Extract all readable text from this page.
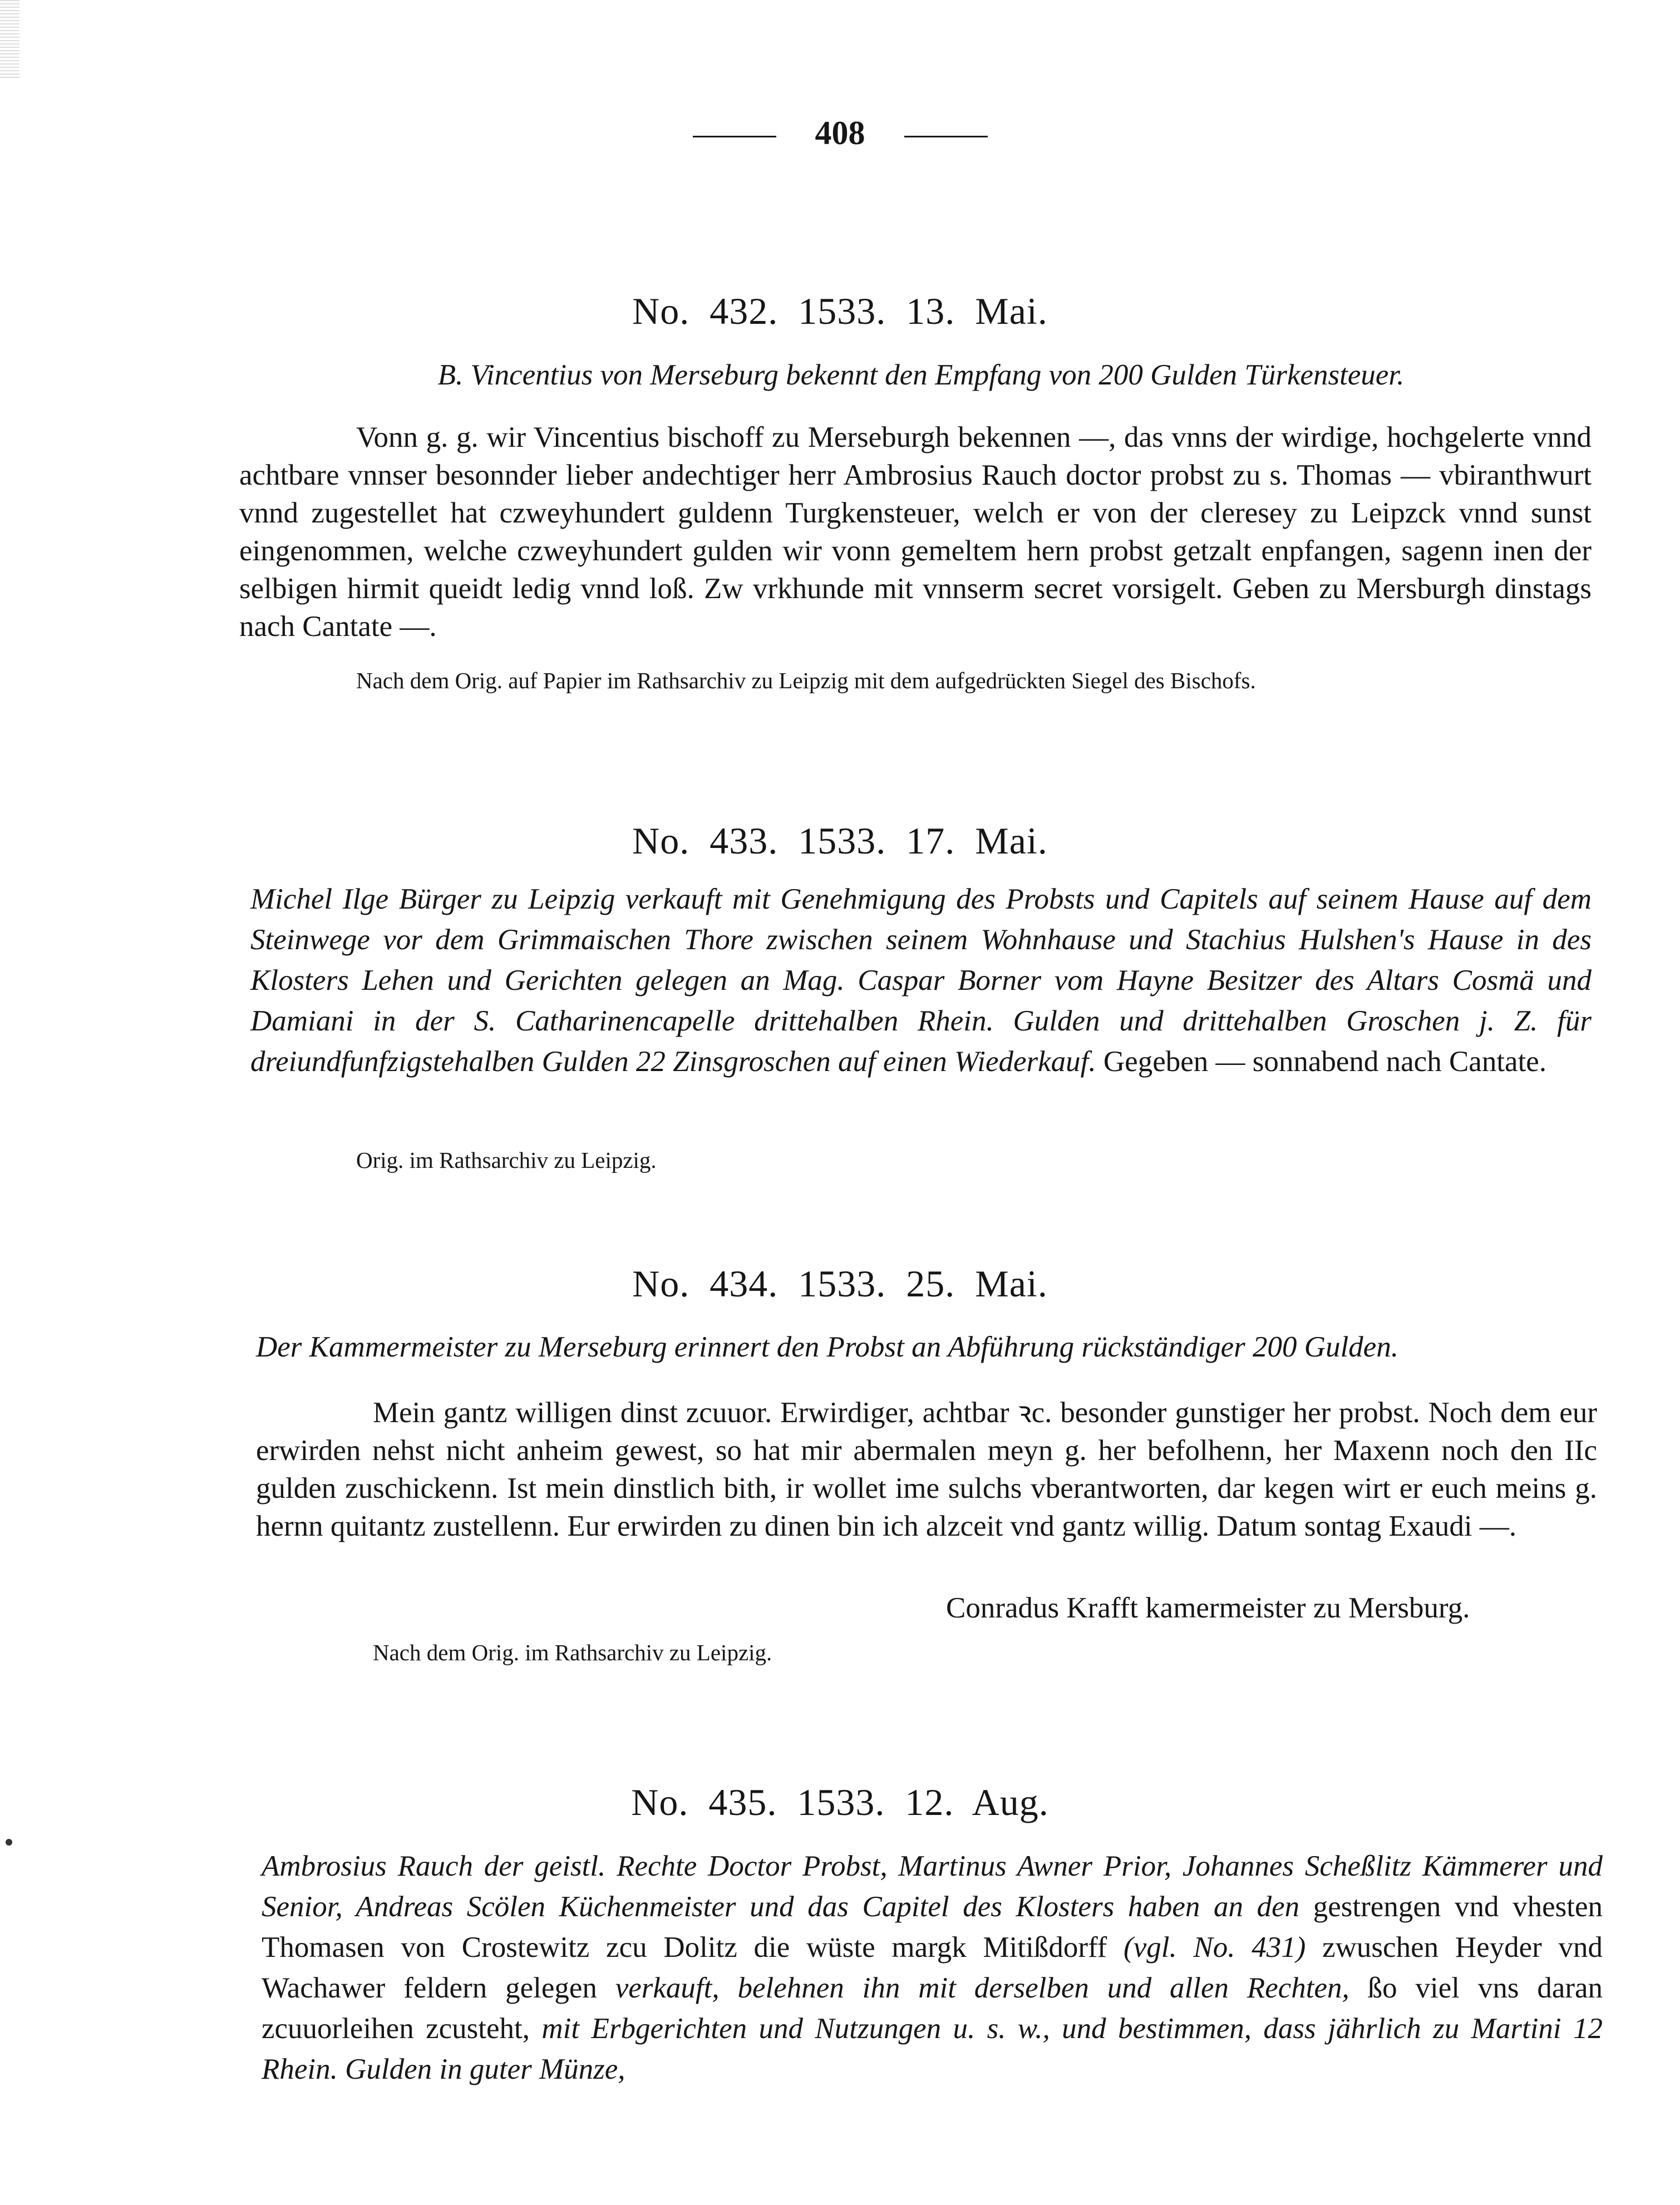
408
No. 432. 1533. 13. Mai.
B. Vincentius von Merseburg bekennt den Empfang von 200 Gulden Türkensteuer.

Vonn g. g. wir Vincentius bischoff zu Merseburgh bekennen —, das vnns der wirdige, hochgelerte vnnd achtbare vnnser besonnder lieber andechtiger herr Ambrosius Rauch doctor probst zu s. Thomas — vbiranthwurt vnnd zugestellet hat czweyhundert guldenn Turgkensteuer, welch er von der cleresey zu Leipzck vnnd sunst eingenommen, welche czweyhundert gulden wir vonn gemeltem hern probst getzalt enpfangen, sagenn inen der selbigen hirmit queidt ledig vnnd loß. Zw vrkhunde mit vnnserm secret vorsigelt. Geben zu Mersburgh dinstags nach Cantate —.

Nach dem Orig. auf Papier im Rathsarchiv zu Leipzig mit dem aufgedrückten Siegel des Bischofs.
No. 433. 1533. 17. Mai.
Michel Ilge Bürger zu Leipzig verkauft mit Genehmigung des Probsts und Capitels auf seinem Hause auf dem Steinwege vor dem Grimmaischen Thore zwischen seinem Wohnhause und Stachius Hulshen's Hause in des Klosters Lehen und Gerichten gelegen an Mag. Caspar Borner vom Hayne Besitzer des Altars Cosmä und Damiani in der S. Catharinencapelle drittehalben Rhein. Gulden und drittehalben Groschen j. Z. für dreiundfunfzigstehalben Gulden 22 Zinsgroschen auf einen Wiederkauf. Gegeben — sonnabend nach Cantate.
Orig. im Rathsarchiv zu Leipzig.
No. 434. 1533. 25. Mai.
Der Kammermeister zu Merseburg erinnert den Probst an Abführung rückständiger 200 Gulden.

Mein gantz willigen dinst zcuuor. Erwirdiger, achtbar ꝛc. besonder gunstiger her probst. Noch dem eur erwirden nehst nicht anheim gewest, so hat mir abermalen meyn g. her befolhenn, her Maxenn noch den IIc gulden zuschickenn. Ist mein dinstlich bith, ir wollet ime sulchs vberantworten, dar kegen wirt er euch meins g. hernn quitantz zustellenn. Eur erwirden zu dinen bin ich alzceit vnd gantz willig. Datum sontag Exaudi —.

Conradus Krafft kamermeister zu Mersburg.
Nach dem Orig. im Rathsarchiv zu Leipzig.
No. 435. 1533. 12. Aug.
Ambrosius Rauch der geistl. Rechte Doctor Probst, Martinus Awner Prior, Johannes Scheßlitz Kämmerer und Senior, Andreas Scölen Küchenmeister und das Capitel des Klosters haben an den gestrengen vnd vhesten Thomasen von Crostewitz zcu Dolitz die wüste margk Mitißdorff (vgl. No. 431) zwuschen Heyder vnd Wachawer feldern gelegen verkauft, belehnen ihn mit derselben und allen Rechten, ßo viel vns daran zcuuorleihen zcusteht, mit Erbgerichten und Nutzungen u. s. w., und bestimmen, dass jährlich zu Martini 12 Rhein. Gulden in guter Münze,
